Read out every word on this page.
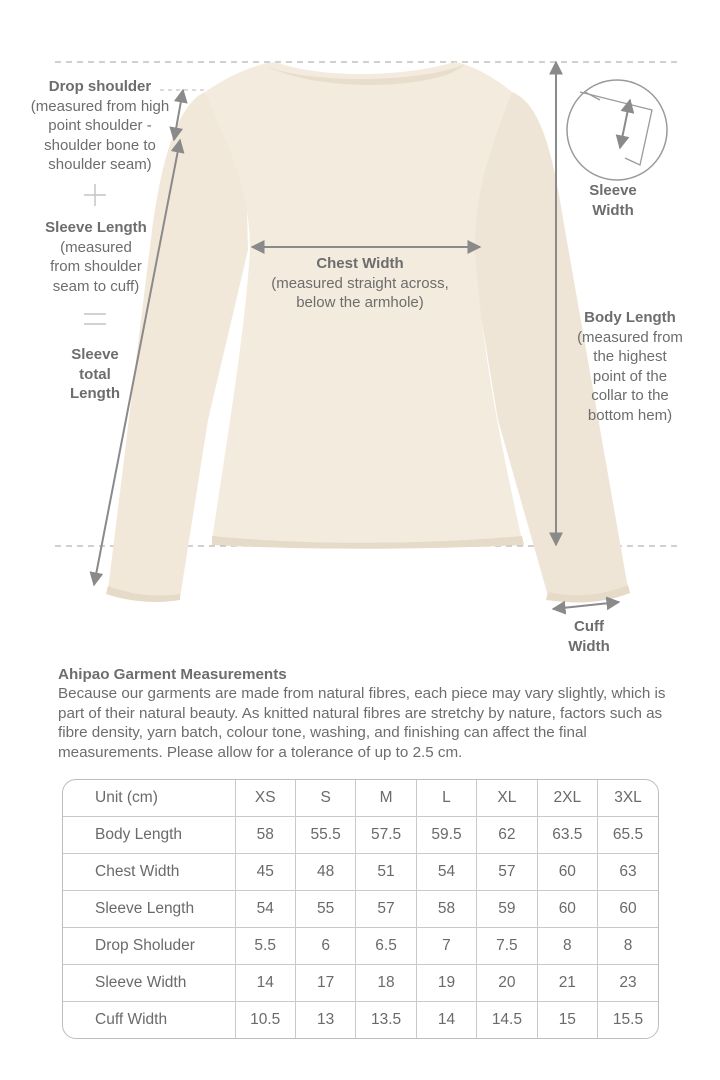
Drop shoulder
(measured from high
point shoulder -
shoulder bone to
shoulder seam)
Sleeve Length
(measured
from shoulder
seam to cuff)
Sleeve
total
Length
Chest Width
(measured straight across,
below the armhole)
Sleeve
Width
Body Length
(measured from
the highest
point of the
collar to the
bottom hem)
Cuff
Width
Ahipao Garment Measurements
Because our garments are made from natural fibres, each piece may vary slightly, which is part of their natural beauty. As knitted natural fibres are stretchy by nature, factors such as fibre density, yarn batch, colour tone, washing, and finishing can affect the final measurements. Please allow for a tolerance of up to 2.5 cm.
Unit (cm)	XS	S	M	L	XL	2XL	3XL
Body Length	58	55.5	57.5	59.5	62	63.5	65.5
Chest Width	45	48	51	54	57	60	63
Sleeve Length	54	55	57	58	59	60	60
Drop Sholuder	5.5	6	6.5	7	7.5	8	8
Sleeve Width	14	17	18	19	20	21	23
Cuff Width	10.5	13	13.5	14	14.5	15	15.5
